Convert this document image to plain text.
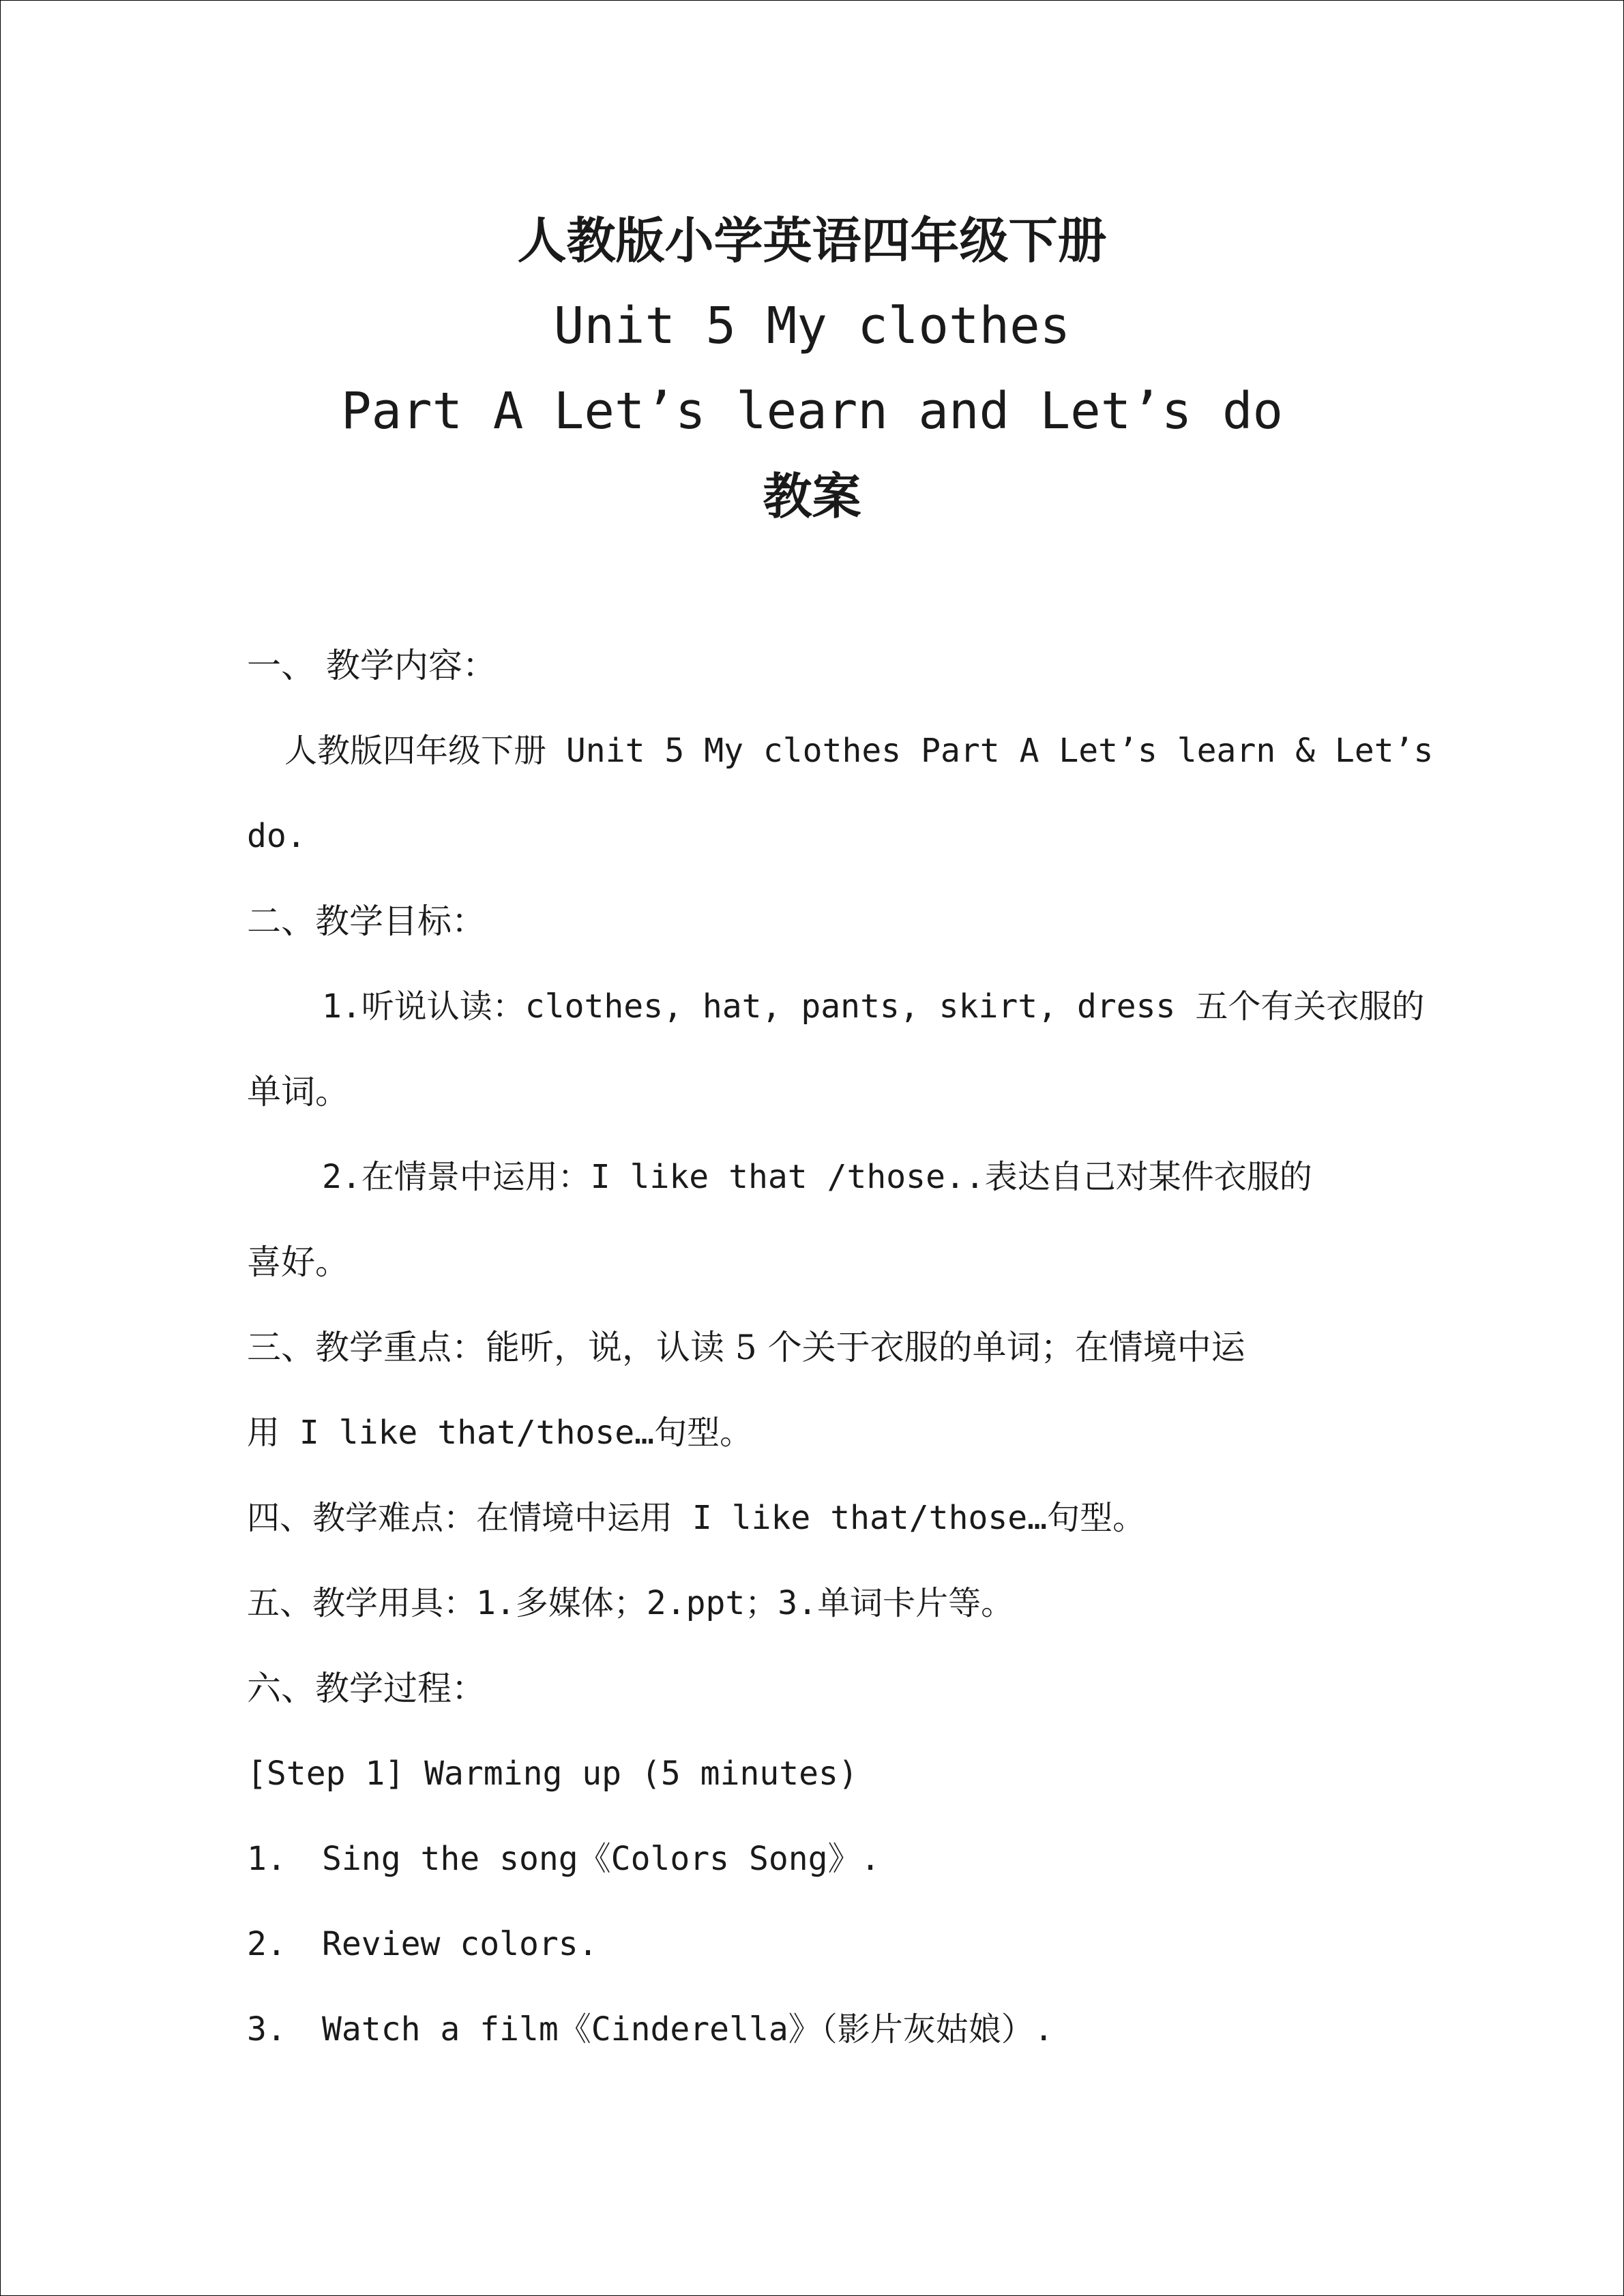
人教版小学英语四年级下册
Unit 5 My clothes
Part A Let’s learn and Let’s do
教案
一、 教学内容：
人教版四年级下册 Unit 5 My clothes Part A Let’s learn & Let’s
do.
二、教学目标：
1.听说认读：clothes, hat, pants, skirt, dress 五个有关衣服的
单词。
2.在情景中运用：I like that /those..表达自己对某件衣服的
喜好。
三、教学重点：能听，说，认读 5 个关于衣服的单词；在情境中运
用 I like that/those…句型。
四、教学难点：在情境中运用 I like that/those…句型。
五、教学用具：1.多媒体；2.ppt；3.单词卡片等。
六、教学过程：
[Step 1] Warming up (5 minutes)
1. Sing the song《Colors Song》.
2. Review colors.
3. Watch a film《Cinderella》（影片灰姑娘）.
